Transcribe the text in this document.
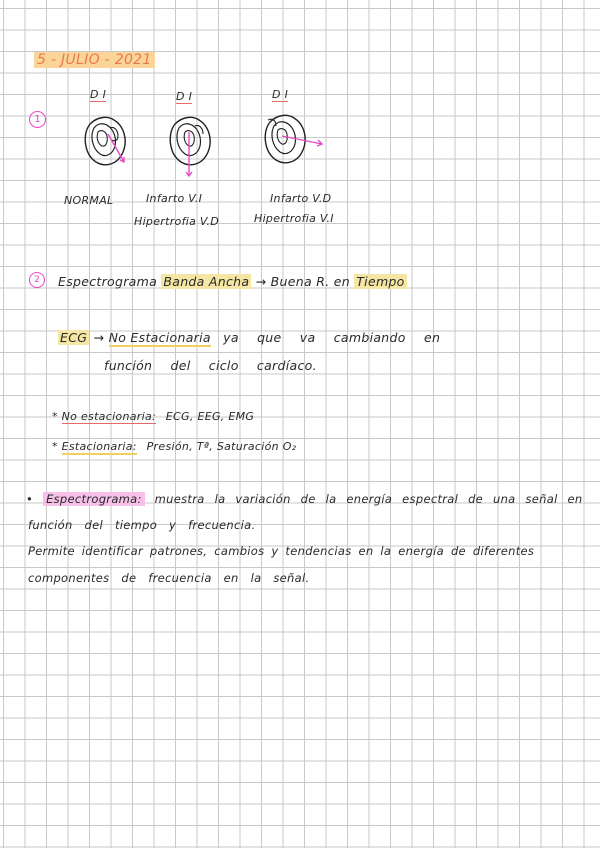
5 - JULIO - 2021
1
D I	D I	D I
NORMAL	Infarto V.I
Hipertrofia V.D
Infarto V.D
Hipertrofia V.I
2	Espectrograma Banda Ancha → Buena R. en Tiempo
ECG → No Estacionaria ya que va cambiando en
función del ciclo cardíaco.
* No estacionaria: ECG, EEG, EMG
* Estacionaria: Presión, Tª, Saturación O₂
• Espectrograma: muestra la variación de la energía espectral de una señal en
función del tiempo y frecuencia.
Permite identificar patrones, cambios y tendencias en la energía de diferentes
componentes de frecuencia en la señal.
